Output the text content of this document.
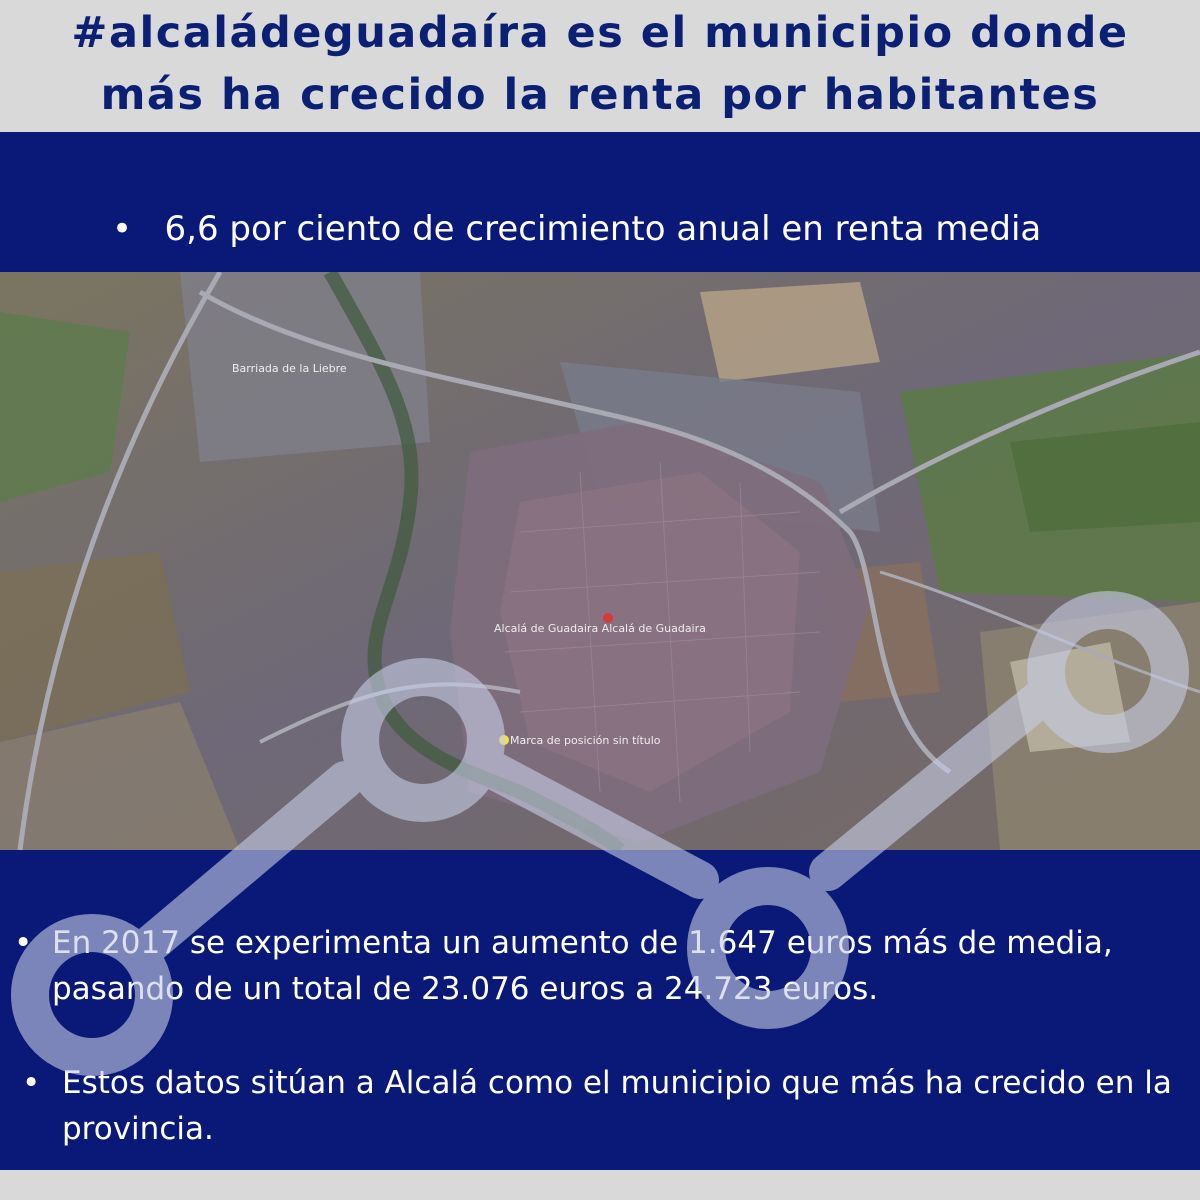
#alcaládeguadaíra es el municipio donde
más ha crecido la renta por habitantes
• 6,6 por ciento de crecimiento anual en renta media
Barriada de la Liebre
Alcalá de Guadaira Alcalá de Guadaira
Marca de posición sin título
• En 2017 se experimenta un aumento de 1.647 euros más de media, pasando de un total de 23.076 euros a 24.723 euros.
• Estos datos sitúan a Alcalá como el municipio que más ha crecido en la provincia.
